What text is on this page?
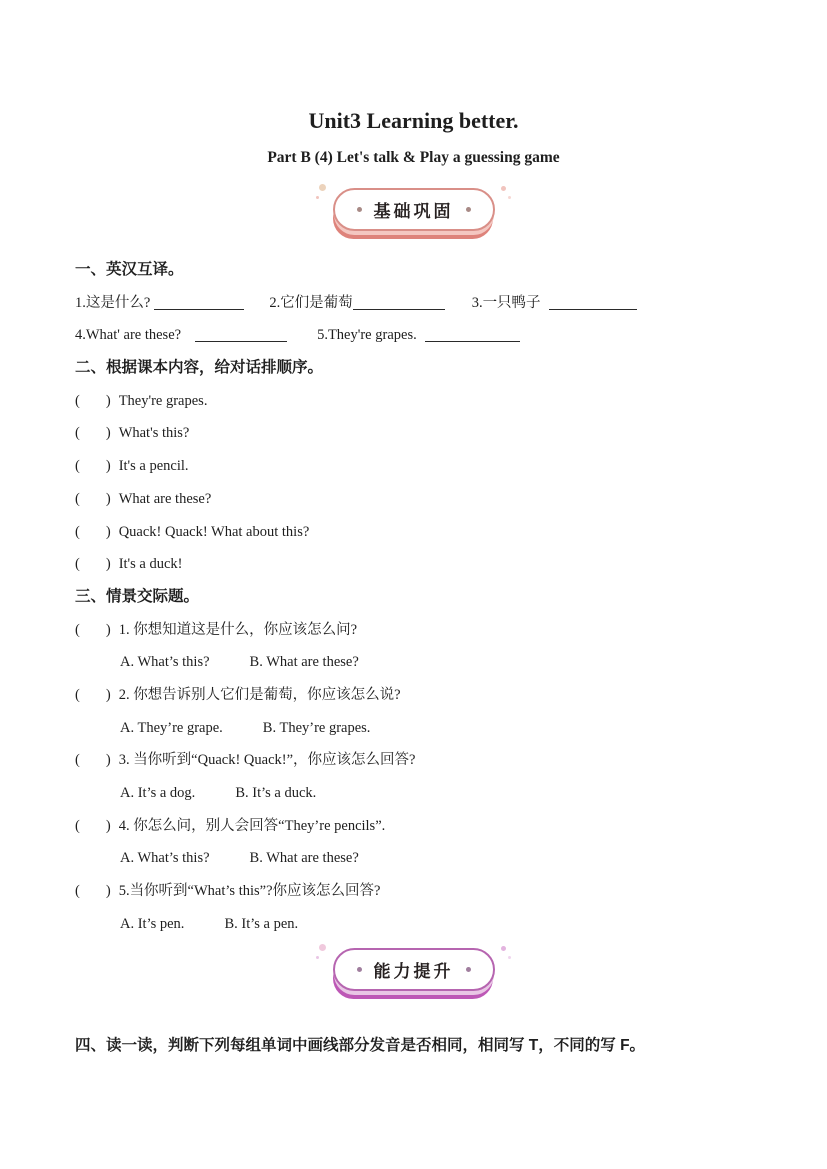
Unit3 Learning better.
Part B (4) Let's talk & Play a guessing game
基础巩固
一、英汉互译。
1.这是什么?	2.它们是葡萄	3.一只鸭子
4.What' are these?	5.They're grapes.
二、根据课本内容，给对话排顺序。
( ) They're grapes.
( ) What's this?
( ) It's a pencil.
( ) What are these?
( ) Quack! Quack! What about this?
( ) It's a duck!
三、情景交际题。
( ) 1. 你想知道这是什么，你应该怎么问?
A. What’s this?	B. What are these?
( ) 2. 你想告诉别人它们是葡萄，你应该怎么说?
A. They’re grape.	B. They’re grapes.
( ) 3. 当你听到“Quack! Quack!”，你应该怎么回答?
A. It’s a dog.	B. It’s a duck.
( ) 4. 你怎么问，别人会回答“They’re pencils”.
A. What’s this?	B. What are these?
( ) 5.当你听到“What’s this”?你应该怎么回答?
A. It’s pen.	B. It’s a pen.
能力提升
四、读一读，判断下列每组单词中画线部分发音是否相同，相同写 T，不同的写 F。
